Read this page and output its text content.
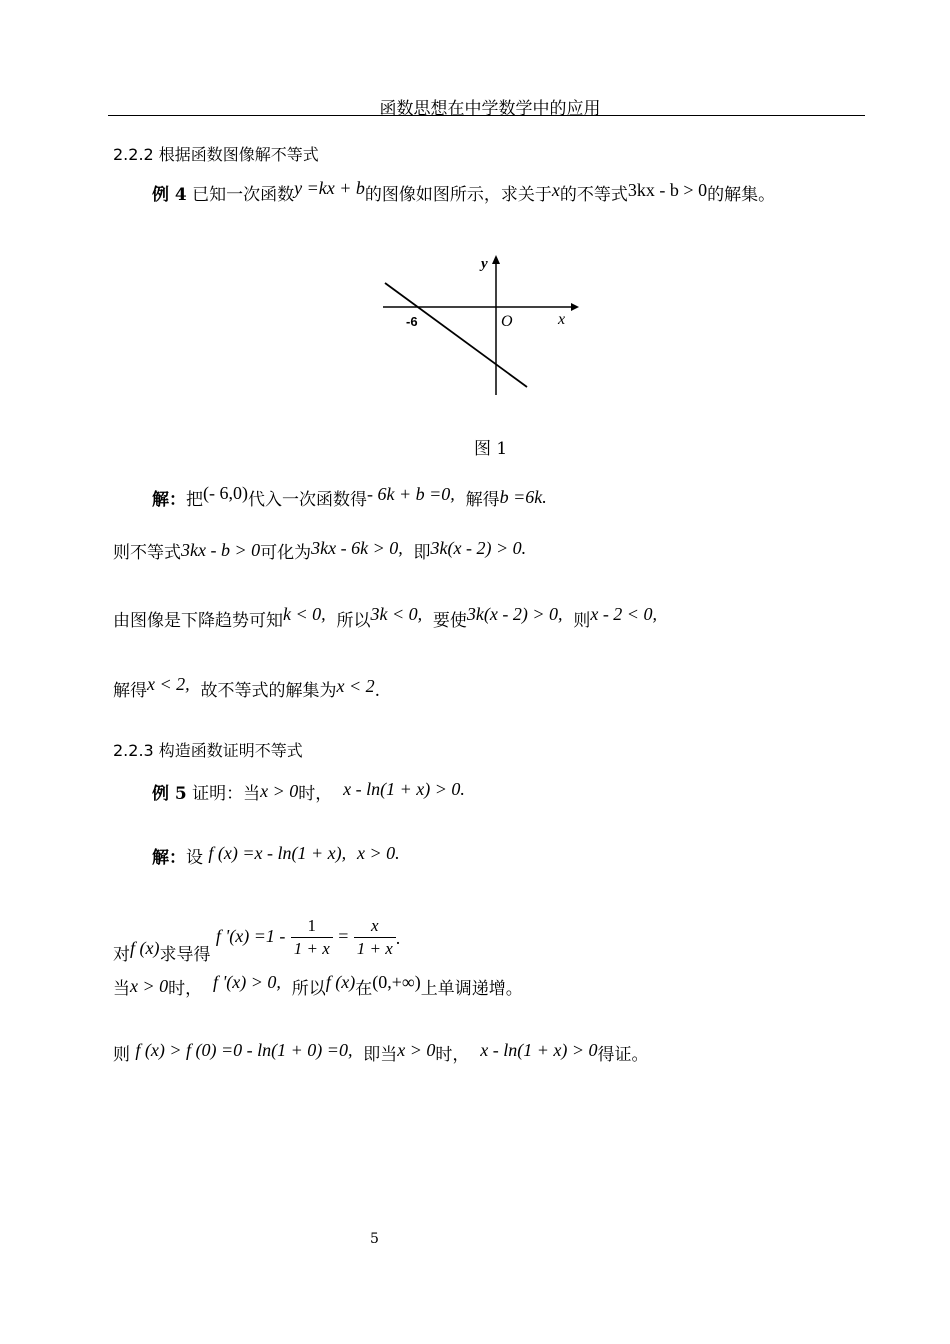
函数思想在中学数学中的应用
2.2.2 根据函数图像解不等式
例 4 已知一次函数y =kx + b的图像如图所示，求关于x的不等式3kx - b > 0的解集。
y
x
O
-6
图 1
解：把(- 6,0)代入一次函数得- 6k + b =0, 解得b =6k.
则不等式3kx - b > 0可化为3kx - 6k > 0, 即3k(x - 2) > 0.
由图像是下降趋势可知k < 0, 所以3k < 0, 要使3k(x - 2) > 0, 则x - 2 < 0,
解得x < 2, 故不等式的解集为x < 2.
2.2.3 构造函数证明不等式
例 5 证明：当x > 0时， x - ln(1 + x) > 0.
解：设 f (x) =x - ln(1 + x), x > 0.
对f (x)求导得 f '$(x) =1 - \frac{1}{1 + x} = \frac{x}{1 + x}$ .
当x > 0时， f '(x) > 0, 所以f (x)在(0,+∞)上单调递增。
则 f (x) > f (0) =0 - ln(1 + 0) =0, 即当x > 0时， x - ln(1 + x) > 0得证。
5
